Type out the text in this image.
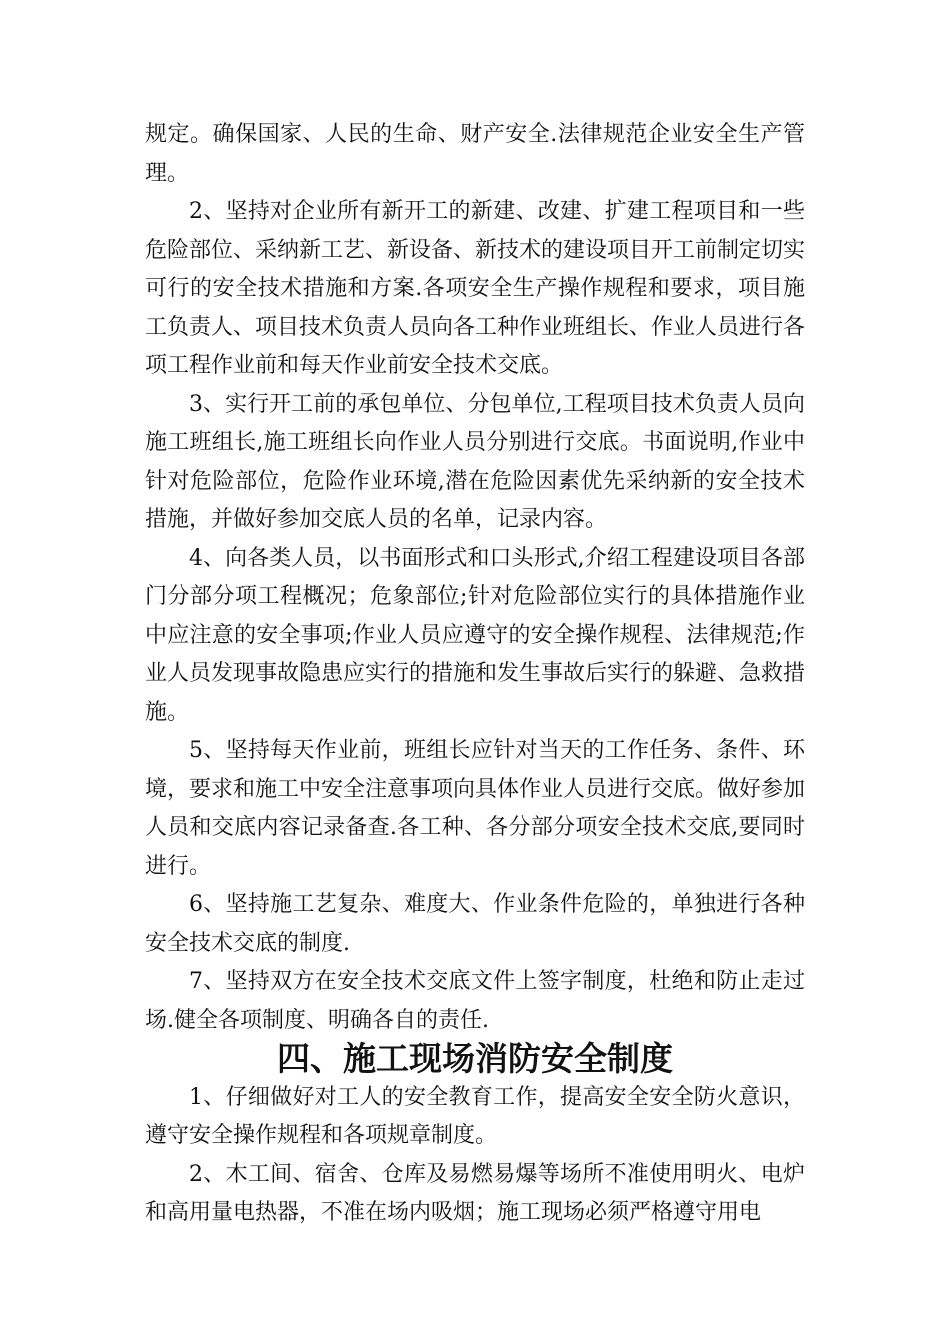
规定。确保国家、人民的生命、财产安全.法律规范企业安全生产管理。

2、坚持对企业所有新开工的新建、改建、扩建工程项目和一些危险部位、采纳新工艺、新设备、新技术的建设项目开工前制定切实可行的安全技术措施和方案.各项安全生产操作规程和要求，项目施工负责人、项目技术负责人员向各工种作业班组长、作业人员进行各项工程作业前和每天作业前安全技术交底。

3、实行开工前的承包单位、分包单位,工程项目技术负责人员向施工班组长,施工班组长向作业人员分别进行交底。书面说明,作业中针对危险部位，危险作业环境,潜在危险因素优先采纳新的安全技术措施，并做好参加交底人员的名单，记录内容。

4、向各类人员，以书面形式和口头形式,介绍工程建设项目各部门分部分项工程概况；危象部位;针对危险部位实行的具体措施作业中应注意的安全事项;作业人员应遵守的安全操作规程、法律规范;作业人员发现事故隐患应实行的措施和发生事故后实行的躲避、急救措施。

5、坚持每天作业前，班组长应针对当天的工作任务、条件、环境，要求和施工中安全注意事项向具体作业人员进行交底。做好参加人员和交底内容记录备查.各工种、各分部分项安全技术交底,要同时进行。

6、坚持施工艺复杂、难度大、作业条件危险的，单独进行各种安全技术交底的制度.

7、坚持双方在安全技术交底文件上签字制度，杜绝和防止走过场.健全各项制度、明确各自的责任.

四、施工现场消防安全制度

1、仔细做好对工人的安全教育工作，提高安全安全防火意识，遵守安全操作规程和各项规章制度。

2、木工间、宿舍、仓库及易燃易爆等场所不准使用明火、电炉和高用量电热器，不准在场内吸烟；施工现场必须严格遵守用电
